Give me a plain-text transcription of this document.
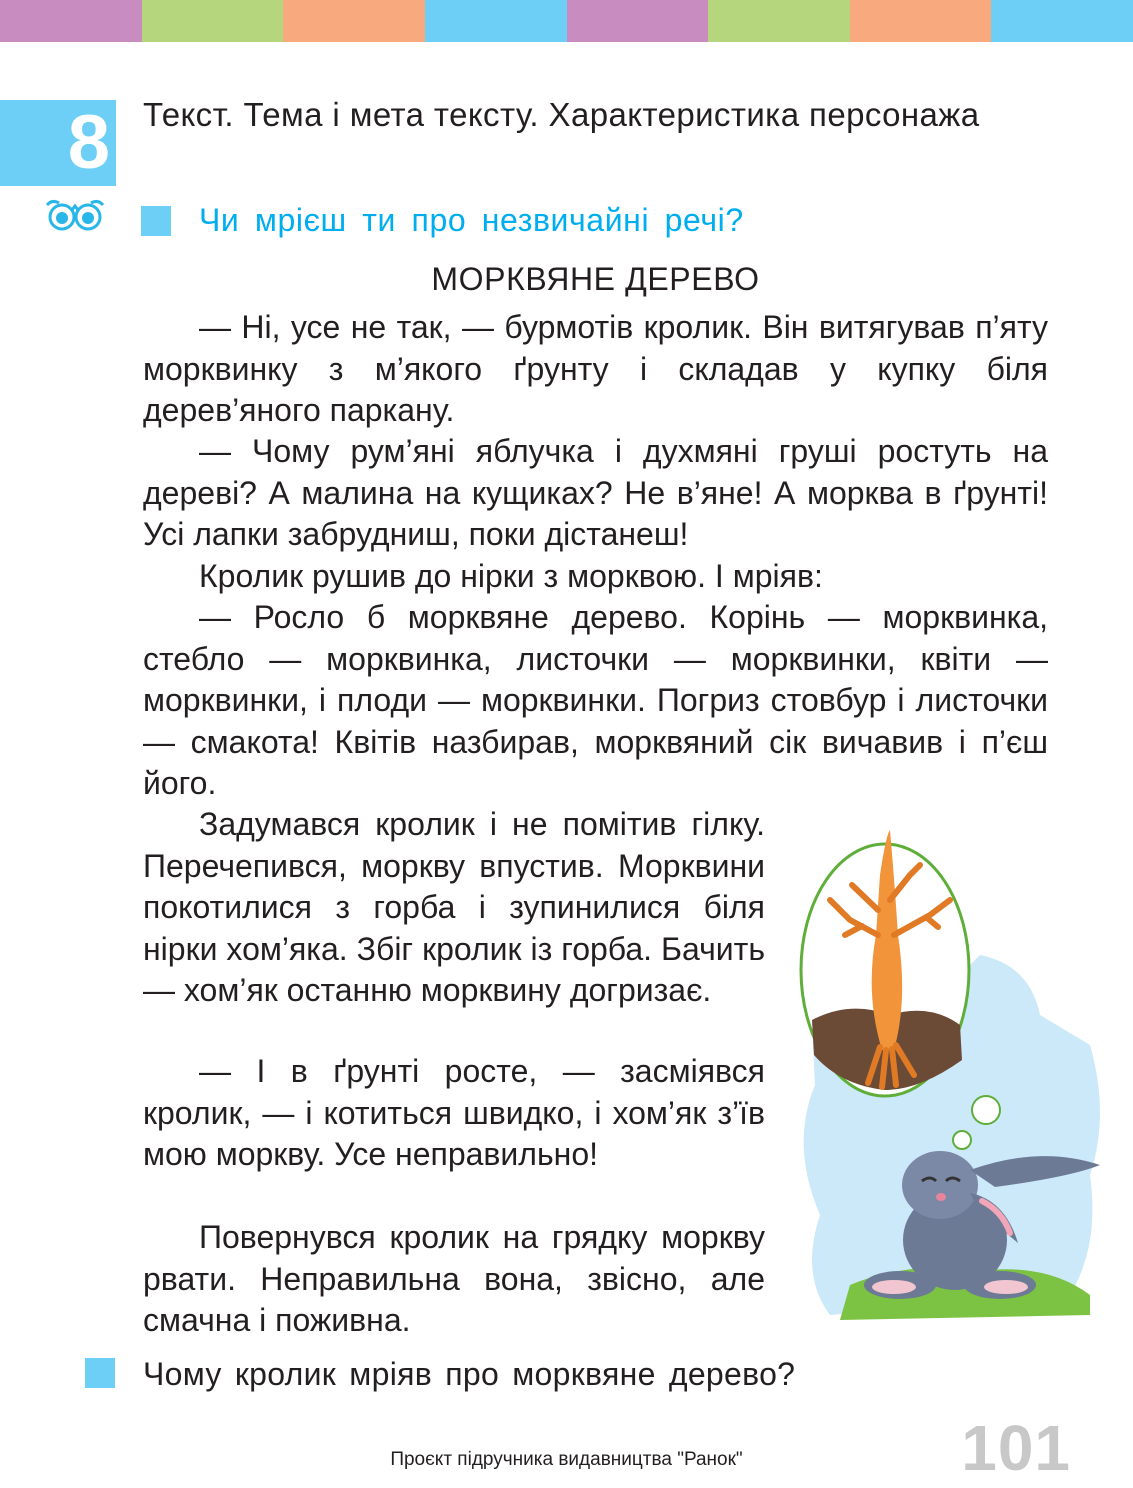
8 Текст. Тема і мета тексту. Характеристика персонажа
Чи мрієш ти про незвичайні речі?
МОРКВЯНЕ ДЕРЕВО

— Ні, усе не так, — бурмотів кролик. Він витягував п’яту морквинку з м’якого ґрунту і складав у купку біля дерев’яного паркану.

— Чому рум’яні яблучка і духмяні груші ростуть на дереві? А малина на кущиках? Не в’яне! А морква в ґрунті! Усі лапки забрудниш, поки дістанеш!

Кролик рушив до нірки з морквою. І мріяв:

— Росло б морквяне дерево. Корінь — морквинка, стебло — морквинка, листочки — морквинки, квіти — морквинки, і плоди — морквинки. Погриз стовбур і листочки — смакота! Квітів назбирав, морквяний сік вичавив і п’єш його.

Задумався кролик і не помітив гілку. Перечепився, моркву впустив. Морквини покотилися з горба і зупинилися біля нірки хом’яка. Збіг кролик із горба. Бачить — хом’як останню морквину догризає.

— І в ґрунті росте, — засміявся кролик, — і котиться швидко, і хом’як з’їв мою моркву. Усе неправильно!

Повернувся кролик на грядку моркву рвати. Неправильна вона, звісно, але смачна і поживна.

Чому кролик мріяв про морквяне дерево?
101
Проєкт підручника видавництва "Ранок"
